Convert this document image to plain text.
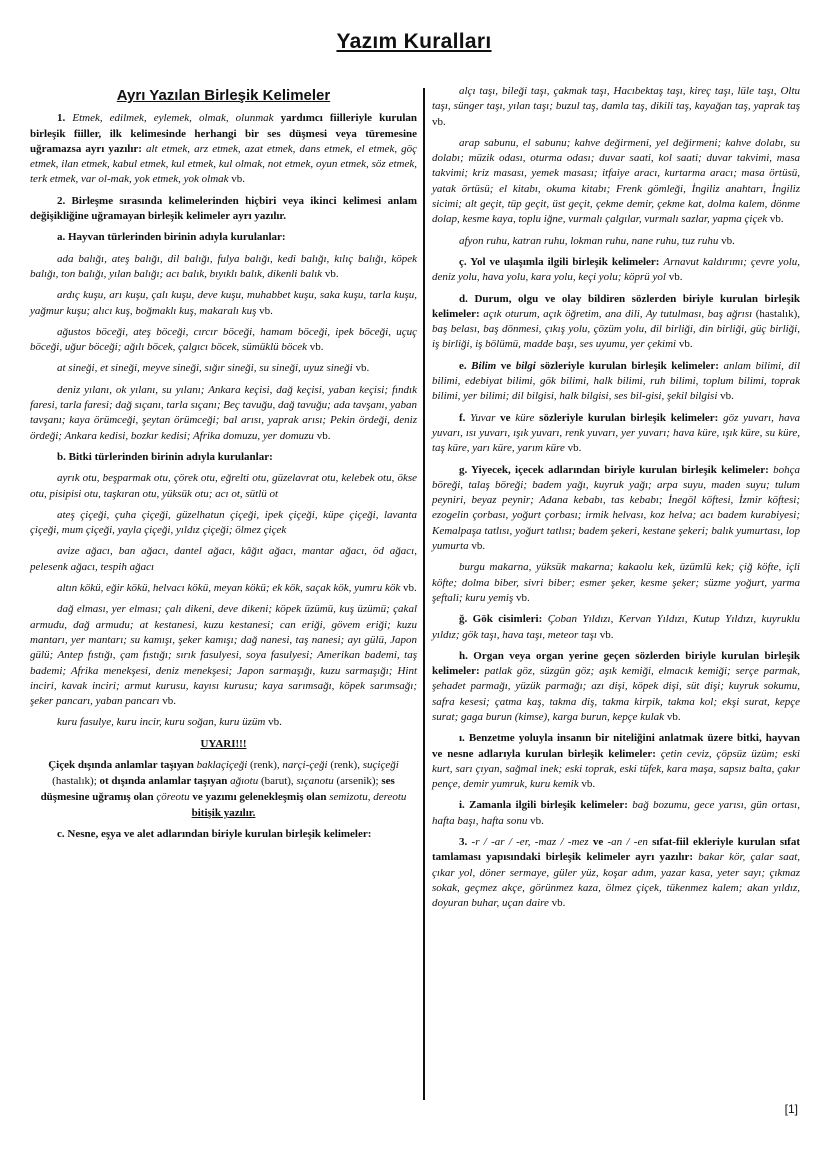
Yazım Kuralları
Ayrı Yazılan Birleşik Kelimeler

1. Etmek, edilmek, eylemek, olmak, olunmak yardımcı fiilleriyle kurulan birleşik fiiller, ilk kelimesinde herhangi bir ses düşmesi veya türemesine uğramazsa ayrı yazılır: alt etmek, arz etmek, azat etmek, dans etmek, el etmek, göç etmek, ilan etmek, kabul etmek, kul etmek, kul olmak, not etmek, oyun etmek, söz etmek, terk etmek, var ol-mak, yok etmek, yok olmak vb.

2. Birleşme sırasında kelimelerinden hiçbiri veya ikinci kelimesi anlam değişikliğine uğramayan birleşik kelimeler ayrı yazılır.

a. Hayvan türlerinden birinin adıyla kurulanlar:

ada balığı, ateş balığı, dil balığı, fulya balığı, kedi balığı, kılıç balığı, köpek balığı, ton balığı, yılan balığı; acı balık, bıyıklı balık, dikenli balık vb.

ardıç kuşu, arı kuşu, çalı kuşu, deve kuşu, muhabbet kuşu, saka kuşu, tarla kuşu, yağmur kuşu; alıcı kuş, boğmaklı kuş, makaralı kuş vb.

ağustos böceği, ateş böceği, cırcır böceği, hamam böceği, ipek böceği, uçuç böceği, uğur böceği; ağılı böcek, çalgıcı böcek, sümüklü böcek vb.

at sineği, et sineği, meyve sineği, sığır sineği, su sineği, uyuz sineği vb.

deniz yılanı, ok yılanı, su yılanı; Ankara keçisi, dağ keçisi, yaban keçisi; fındık faresi, tarla faresi; dağ sıçanı, tarla sıçanı; Beç tavuğu, dağ tavuğu; ada tavşanı, yaban tavşanı; kaya örümceği, şeytan örümceği; bal arısı, yaprak arısı; Pekin ördeği, deniz ördeği; Ankara kedisi, bozkır kedisi; Afrika domuzu, yer domuzu vb.

b. Bitki türlerinden birinin adıyla kurulanlar:

ayrık otu, beşparmak otu, çörek otu, eğrelti otu, güzelavrat otu, kelebek otu, ökse otu, pisipisi otu, taşkıran otu, yüksük otu; acı ot, sütlü ot

ateş çiçeği, çuha çiçeği, güzelhatun çiçeği, ipek çiçeği, küpe çiçeği, lavanta çiçeği, mum çiçeği, yayla çiçeği, yıldız çiçeği; ölmez çiçek

avize ağacı, ban ağacı, dantel ağacı, kâğıt ağacı, mantar ağacı, öd ağacı, pelesenk ağacı, tespih ağacı

altın kökü, eğir kökü, helvacı kökü, meyan kökü; ek kök, saçak kök, yumru kök vb.

dağ elması, yer elması; çalı dikeni, deve dikeni; köpek üzümü, kuş üzümü; çakal armudu, dağ armudu; at kestanesi, kuzu kestanesi; can eriği, gövem eriği; kuzu mantarı, yer mantarı; su kamışı, şeker kamışı; dağ nanesi, taş nanesi; ayı gülü, Japon gülü; Antep fıstığı, çam fıstığı; sırık fasulyesi, soya fasulyesi; Amerikan bademi, taş bademi; Afrika menekşesi, deniz menekşesi; Japon sarmaşığı, kuzu sarmaşığı; Hint inciri, kavak inciri; armut kurusu, kayısı kurusu; kaya sarımsağı, köpek sarımsağı; şeker pancarı, yaban pancarı vb.

kuru fasulye, kuru incir, kuru soğan, kuru üzüm vb.

UYARI!!!
Çiçek dışında anlamlar taşıyan baklaçiçeği (renk), narçi-çeği (renk), suçiçeği (hastalık); ot dışında anlamlar taşıyan ağıotu (barut), sıçanotu (arsenik); ses düşmesine uğramış olan çöreotu ve yazımı gelenekleşmiş olan semizotu, dereotu
bitişik yazılır.

c. Nesne, eşya ve alet adlarından biriyle kurulan birleşik kelimeler:

alçı taşı, bileği taşı, çakmak taşı, Hacıbektaş taşı, kireç taşı, lüle taşı, Oltu taşı, sünger taşı, yılan taşı; buzul taş, damla taş, dikili taş, kayağan taş, yaprak taş vb.

arap sabunu, el sabunu; kahve değirmeni, yel değirmeni; kahve dolabı, su dolabı; müzik odası, oturma odası; duvar saati, kol saati; duvar takvimi, masa takvimi; kriz masası, yemek masası; itfaiye aracı, kurtarma aracı; masa örtüsü, yatak örtüsü; el kitabı, okuma kitabı; Frenk gömleği, İngiliz anahtarı, İngiliz sicimi; alt geçit, tüp geçit, üst geçit, çekme demir, çekme kat, dolma kalem, dönme dolap, kesme kaya, toplu iğne, vurmalı çalgılar, vurmalı sazlar, yapma çiçek vb.

afyon ruhu, katran ruhu, lokman ruhu, nane ruhu, tuz ruhu vb.

ç. Yol ve ulaşımla ilgili birleşik kelimeler: Arnavut kaldırımı; çevre yolu, deniz yolu, hava yolu, kara yolu, keçi yolu; köprü yol vb.

d. Durum, olgu ve olay bildiren sözlerden biriyle kurulan birleşik kelimeler: açık oturum, açık öğretim, ana dili, Ay tutulması, baş ağrısı (hastalık), baş belası, baş dönmesi, çıkış yolu, çözüm yolu, dil birliği, din birliği, güç birliği, iş birliği, iş bölümü, madde başı, ses uyumu, yer çekimi vb.

e. Bilim ve bilgi sözleriyle kurulan birleşik kelimeler: anlam bilimi, dil bilimi, edebiyat bilimi, gök bilimi, halk bilimi, ruh bilimi, toplum bilimi, toprak bilimi, yer bilimi; dil bilgisi, halk bilgisi, ses bil-gisi, şekil bilgisi vb.

f. Yuvar ve küre sözleriyle kurulan birleşik kelimeler: göz yuvarı, hava yuvarı, ısı yuvarı, ışık yuvarı, renk yuvarı, yer yuvarı; hava küre, ışık küre, su küre, taş küre, yarı küre, yarım küre vb.

g. Yiyecek, içecek adlarından biriyle kurulan birleşik kelimeler: bohça böreği, talaş böreği; badem yağı, kuyruk yağı; arpa suyu, maden suyu; tulum peyniri, beyaz peynir; Adana kebabı, tas kebabı; İnegöl köftesi, İzmir köftesi; ezogelin çorbası, yoğurt çorbası; irmik helvası, koz helva; acı badem kurabiyesi; Kemalpaşa tatlısı, yoğurt tatlısı; badem şekeri, kestane şekeri; balık yumurtası, lop yumurta vb.

burgu makarna, yüksük makarna; kakaolu kek, üzümlü kek; çiğ köfte, içli köfte; dolma biber, sivri biber; esmer şeker, kesme şeker; süzme yoğurt, yarma şeftali; kuru yemiş vb.

ğ. Gök cisimleri: Çoban Yıldızı, Kervan Yıldızı, Kutup Yıldızı, kuyruklu yıldız; gök taşı, hava taşı, meteor taşı vb.

h. Organ veya organ yerine geçen sözlerden biriyle kurulan birleşik kelimeler: patlak göz, süzgün göz; aşık kemiği, elmacık kemiği; serçe parmak, şehadet parmağı, yüzük parmağı; azı dişi, köpek dişi, süt dişi; kuyruk sokumu, safra kesesi; çatma kaş, takma diş, takma kirpik, takma kol; ekşi surat, kepçe surat; gaga burun (kimse), karga burun, kepçe kulak vb.

ı. Benzetme yoluyla insanın bir niteliğini anlatmak üzere bitki, hayvan ve nesne adlarıyla kurulan birleşik kelimeler: çetin ceviz, çöpsüz üzüm; eski kurt, sarı çıyan, sağmal inek; eski toprak, eski tüfek, kara maşa, sapsız balta, çakır pençe, demir yumruk, kuru kemik vb.

i. Zamanla ilgili birleşik kelimeler: bağ bozumu, gece yarısı, gün ortası, hafta başı, hafta sonu vb.

3. -r / -ar / -er, -maz / -mez ve -an / -en sıfat-fiil ekleriyle kurulan sıfat tamlaması yapısındaki birleşik kelimeler ayrı yazılır: bakar kör, çalar saat, çıkar yol, döner sermaye, güler yüz, koşar adım, yazar kasa, yeter sayı; çıkmaz sokak, geçmez akçe, görünmez kaza, ölmez çiçek, tükenmez kalem; akan yıldız, doyuran buhar, uçan daire vb.

[1]
